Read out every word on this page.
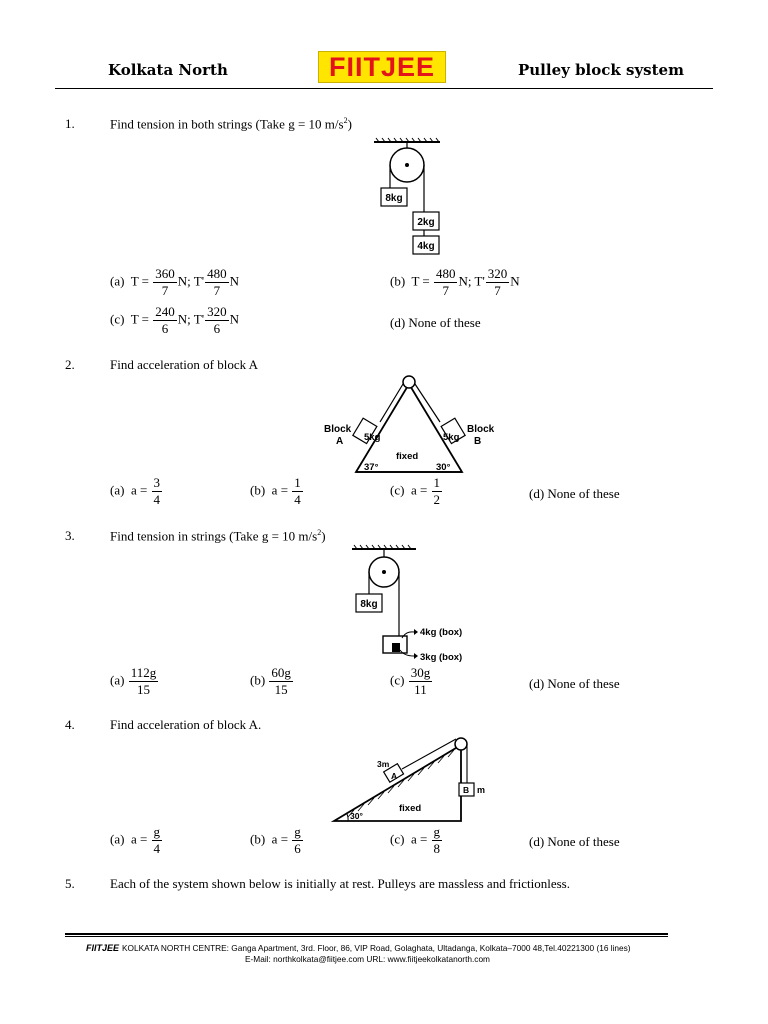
Kolkata North	FIITJEE	Pulley block system
1.	Find tension in both strings (Take g = 10 $m/s^2$)
8kg
2kg
4kg
(a) $T = \frac{360}{7} N$; $T' \frac{480}{7}$ N	(b) $T = \frac{480}{7} N$; $T' \frac{320}{7}$ N
(c) $T = \frac{240}{6} N$; $T' \frac{320}{6}$ N	(d) None of these
2.	Find acceleration of block A
5kg	5kg
Block
A
Block
B
fixed
37°	30°
(a) $a = \frac{3}{4}$	(b) $a = \frac{1}{4}$	(c) $a = \frac{1}{2}$	(d) None of these
3.	Find tension in strings (Take g = 10 $m/s^2$)
8kg
4kg (box)
3kg (box)
$(a) \frac{112g}{15}$	$(b) \frac{60g}{15}$	$(c) \frac{30g}{11}$	(d) None of these
4.	Find acceleration of block A.
A
3m
B m
fixed
30°
(a) $a = \frac{g}{4}$	(b) $a = \frac{g}{6}$	(c) $a = \frac{g}{8}$	(d) None of these
5.	Each of the system shown below is initially at rest. Pulleys are massless and frictionless.
FIITJEE KOLKATA NORTH CENTRE: Ganga Apartment, 3rd. Floor, 86, VIP Road, Golaghata, Ultadanga, Kolkata–7000 48,Tel.40221300 (16 lines)
E-Mail: northkolkata@fiitjee.com URL: www.fiitjeekolkatanorth.com
